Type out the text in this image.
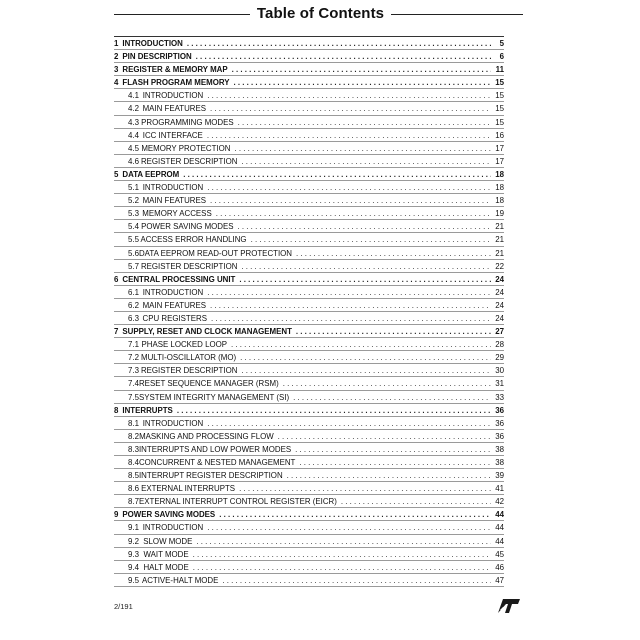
Table of Contents
1 INTRODUCTION . . .	5
2 PIN DESCRIPTION . . .	6
3 REGISTER & MEMORY MAP . . .	11
4 FLASH PROGRAM MEMORY . . .	15
4.1 INTRODUCTION . . .	15
4.2 MAIN FEATURES . . .	15
4.3 PROGRAMMING MODES . . .	15
4.4 ICC INTERFACE . . .	16
4.5 MEMORY PROTECTION . . .	17
4.6 REGISTER DESCRIPTION . . .	17
5 DATA EEPROM . . .	18
5.1 INTRODUCTION . . .	18
5.2 MAIN FEATURES . . .	18
5.3 MEMORY ACCESS . . .	19
5.4 POWER SAVING MODES . . .	21
5.5 ACCESS ERROR HANDLING . . .	21
5.6 DATA EEPROM READ-OUT PROTECTION . . .	21
5.7 REGISTER DESCRIPTION . . .	22
6 CENTRAL PROCESSING UNIT . . .	24
6.1 INTRODUCTION . . .	24
6.2 MAIN FEATURES . . .	24
6.3 CPU REGISTERS . . .	24
7 SUPPLY, RESET AND CLOCK MANAGEMENT . . .	27
7.1 PHASE LOCKED LOOP . . .	28
7.2 MULTI-OSCILLATOR (MO) . . .	29
7.3 REGISTER DESCRIPTION . . .	30
7.4 RESET SEQUENCE MANAGER (RSM) . . .	31
7.5 SYSTEM INTEGRITY MANAGEMENT (SI) . . .	33
8 INTERRUPTS . . .	36
8.1 INTRODUCTION . . .	36
8.2 MASKING AND PROCESSING FLOW . . .	36
8.3 INTERRUPTS AND LOW POWER MODES . . .	38
8.4 CONCURRENT & NESTED MANAGEMENT . . .	38
8.5 INTERRUPT REGISTER DESCRIPTION . . .	39
8.6 EXTERNAL INTERRUPTS . . .	41
8.7 EXTERNAL INTERRUPT CONTROL REGISTER (EICR) . . .	42
9 POWER SAVING MODES . . .	44
9.1 INTRODUCTION . . .	44
9.2 SLOW MODE . . .	44
9.3 WAIT MODE . . .	45
9.4 HALT MODE . . .	46
9.5 ACTIVE-HALT MODE . . .	47
2/191
